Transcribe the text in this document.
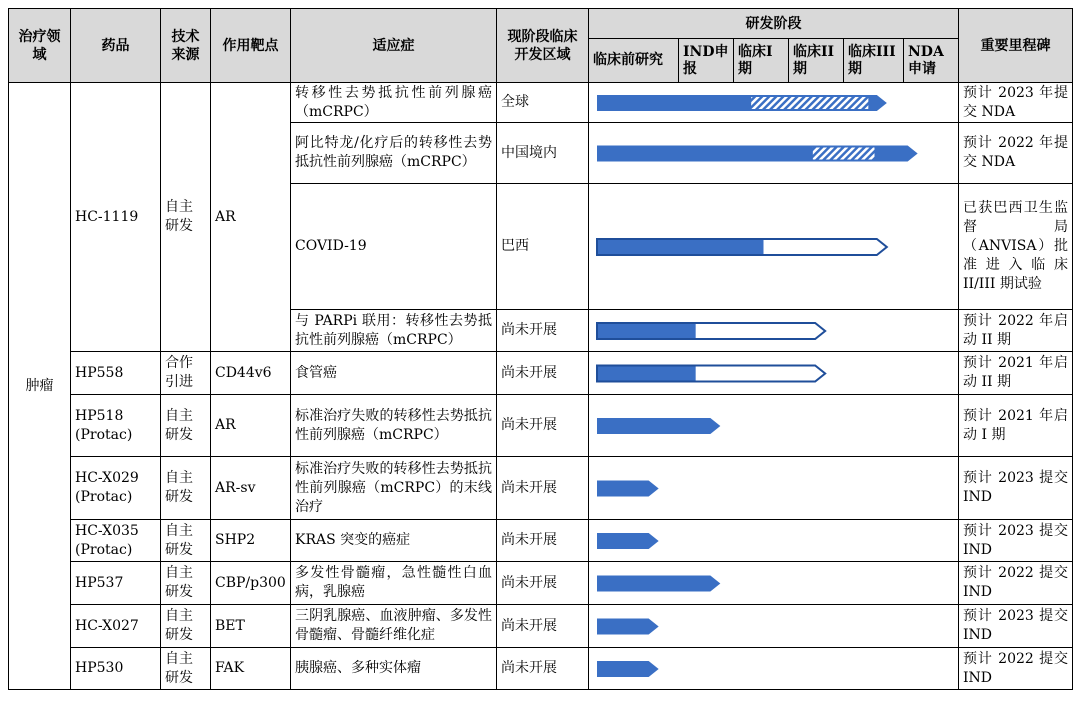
治疗领域	药品	技术来源	作用靶点	适应症	现阶段临床开发区域	研发阶段						重要里程碑
						临床前研究	IND申报	临床I期	临床II期	临床III期	NDA申请	
肿瘤	HC-1119	自主研发	AR	转移性去势抵抗性前列腺癌（mCRPC）	全球							预计 2023 年提交 NDA
				阿比特龙/化疗后的转移性去势抵抗性前列腺癌（mCRPC）	中国境内							预计 2022 年提交 NDA
				COVID-19	巴西							已获巴西卫生监督局（ANVISA）批准进入临床 II/III 期试验
				与 PARPi 联用：转移性去势抵抗性前列腺癌（mCRPC）	尚未开展							预计 2022 年启动 II 期
	HP558	合作引进	CD44v6	食管癌	尚未开展							预计 2021 年启动 II 期
	HP518 (Protac)	自主研发	AR	标准治疗失败的转移性去势抵抗性前列腺癌（mCRPC）	尚未开展							预计 2021 年启动 I 期
	HC-X029 (Protac)	自主研发	AR-sv	标准治疗失败的转移性去势抵抗性前列腺癌（mCRPC）的末线治疗	尚未开展							预计 2023 提交 IND
	HC-X035 (Protac)	自主研发	SHP2	KRAS 突变的癌症	尚未开展							预计 2023 提交 IND
	HP537	自主研发	CBP/p300	多发性骨髓瘤，急性髓性白血病，乳腺癌	尚未开展							预计 2022 提交 IND
	HC-X027	自主研发	BET	三阴乳腺癌、血液肿瘤、多发性骨髓瘤、骨髓纤维化症	尚未开展							预计 2023 提交 IND
	HP530	自主研发	FAK	胰腺癌、多种实体瘤	尚未开展							预计 2022 提交 IND
